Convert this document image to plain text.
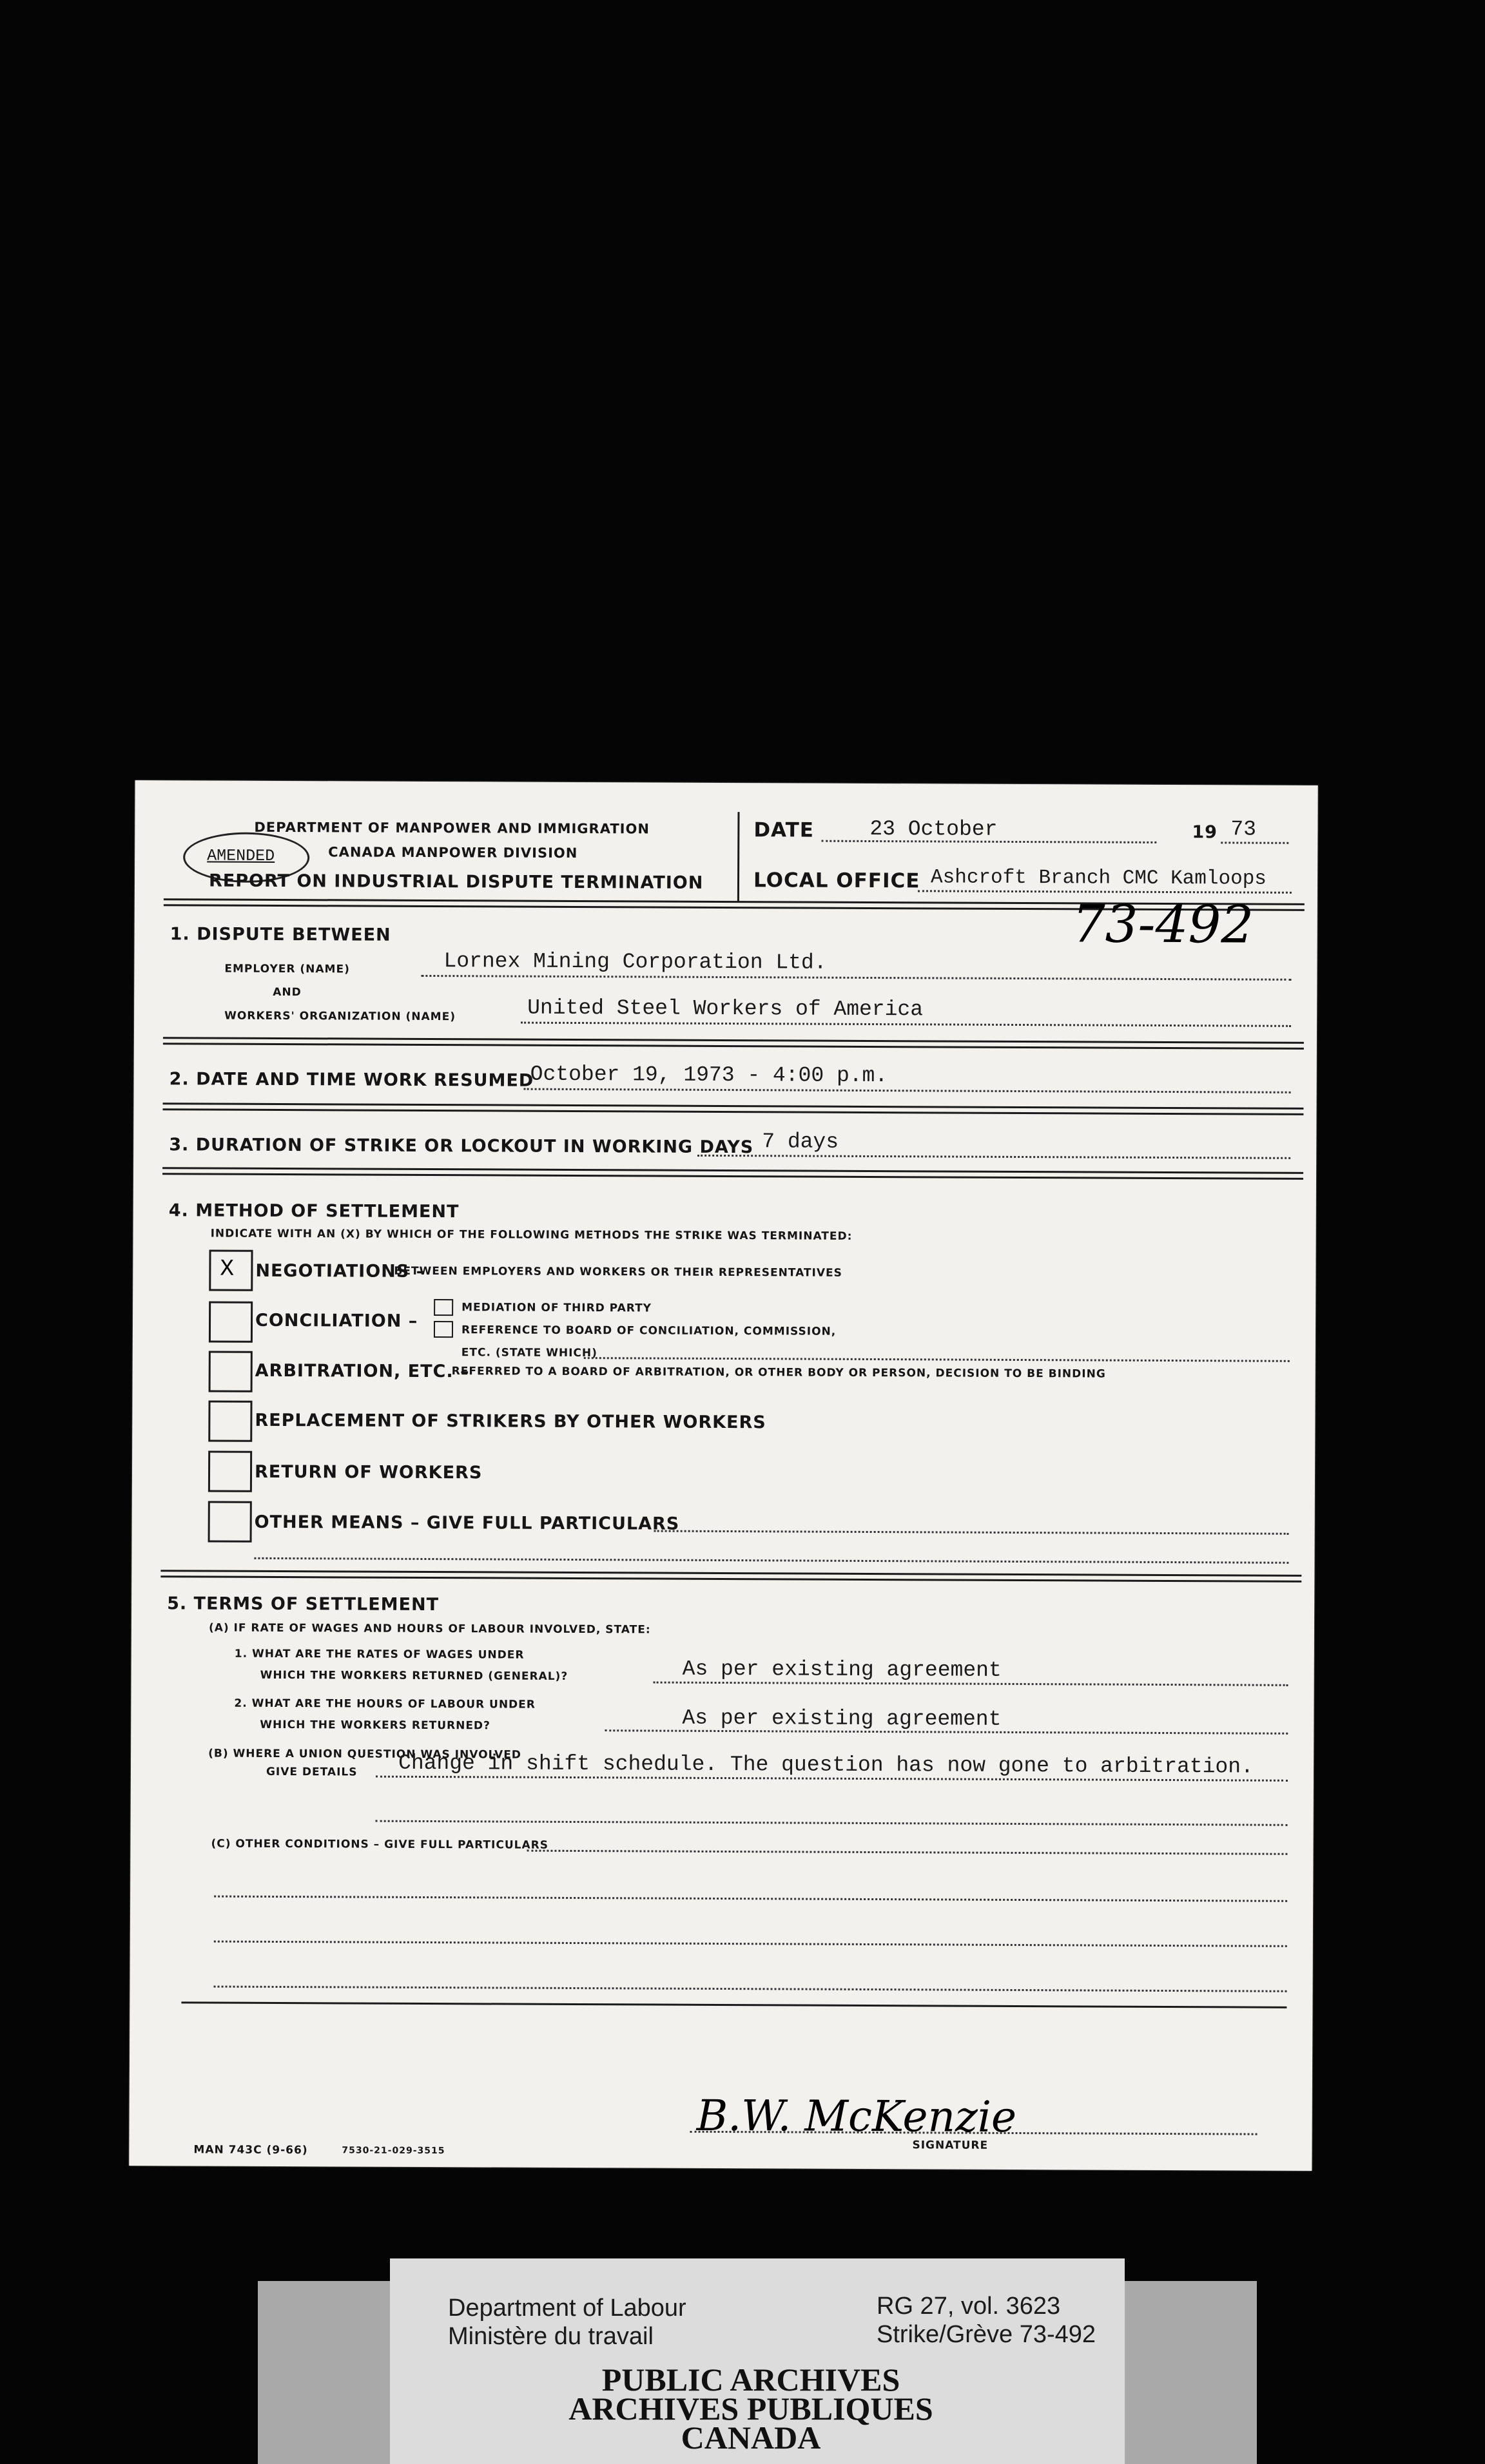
DEPARTMENT OF MANPOWER AND IMMIGRATION
CANADA MANPOWER DIVISION
AMENDED
REPORT ON INDUSTRIAL DISPUTE TERMINATION
DATE	23 October	19 73
LOCAL OFFICE Ashcroft Branch CMC Kamloops
73-492
1. DISPUTE BETWEEN
EMPLOYER (NAME)	Lornex Mining Corporation Ltd.
AND
WORKERS' ORGANIZATION (NAME)	United Steel Workers of America
2. DATE AND TIME WORK RESUMED
October 19, 1973 - 4:00 p.m.
3. DURATION OF STRIKE OR LOCKOUT IN WORKING DAYS 7 days
4. METHOD OF SETTLEMENT
INDICATE WITH AN (X) BY WHICH OF THE FOLLOWING METHODS THE STRIKE WAS TERMINATED:
X NEGOTIATIONS –
BETWEEN EMPLOYERS AND WORKERS OR THEIR REPRESENTATIVES
CONCILIATION –
MEDIATION OF THIRD PARTY
REFERENCE TO BOARD OF CONCILIATION, COMMISSION,
ETC. (STATE WHICH)
ARBITRATION, ETC. –
REFERRED TO A BOARD OF ARBITRATION, OR OTHER BODY OR PERSON, DECISION TO BE BINDING
REPLACEMENT OF STRIKERS BY OTHER WORKERS
RETURN OF WORKERS
OTHER MEANS – GIVE FULL PARTICULARS
5. TERMS OF SETTLEMENT
(A) IF RATE OF WAGES AND HOURS OF LABOUR INVOLVED, STATE:
1. WHAT ARE THE RATES OF WAGES UNDER
WHICH THE WORKERS RETURNED (GENERAL)?	As per existing agreement
2. WHAT ARE THE HOURS OF LABOUR UNDER
WHICH THE WORKERS RETURNED?	As per existing agreement
(B) WHERE A UNION QUESTION WAS INVOLVED
GIVE DETAILS Change in shift schedule. The question has now gone to arbitration.
(C) OTHER CONDITIONS – GIVE FULL PARTICULARS
B.W. McKenzie
SIGNATURE
MAN 743C (9-66)	7530-21-029-3515
Department of Labour
Ministère du travail
RG 27, vol. 3623
Strike/Grève 73-492
PUBLIC ARCHIVES
ARCHIVES PUBLIQUES
CANADA
